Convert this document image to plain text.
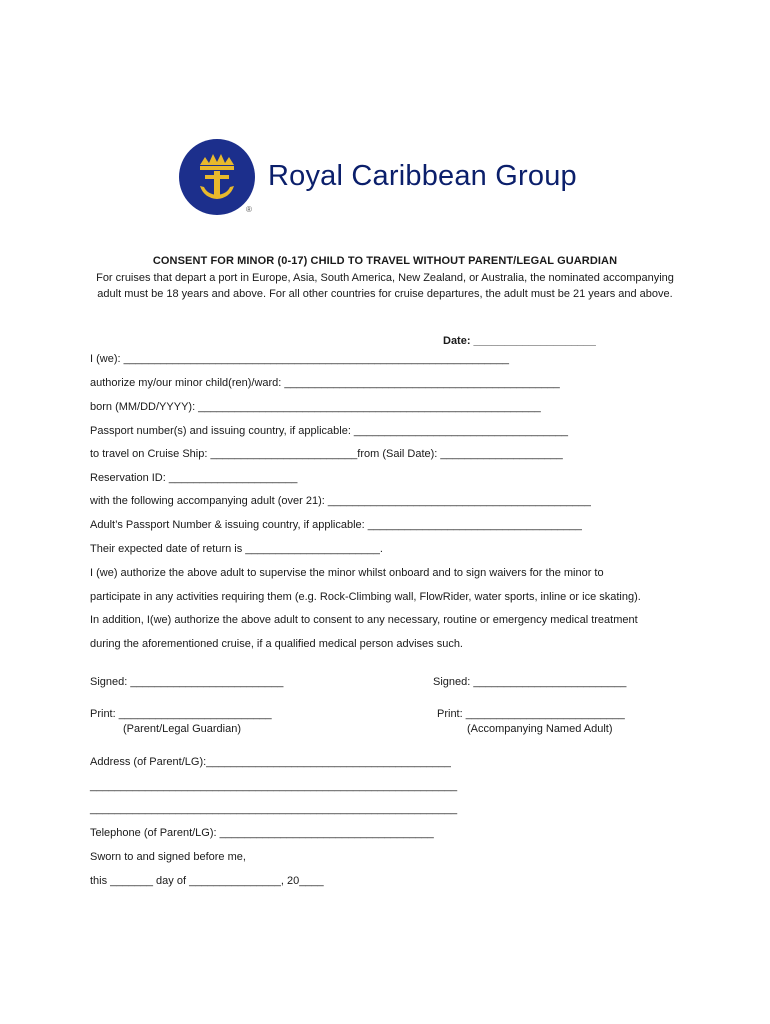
Royal Caribbean Group
®
CONSENT FOR MINOR (0-17) CHILD TO TRAVEL WITHOUT PARENT/LEGAL GUARDIAN
For cruises that depart a port in Europe, Asia, South America, New Zealand, or Australia, the nominated accompanying adult must be 18 years and above. For all other countries for cruise departures, the adult must be 21 years and above.
Date: ____________________
I (we): _______________________________________________________________
authorize my/our minor child(ren)/ward: _____________________________________________
born (MM/DD/YYYY): ________________________________________________________
Passport number(s) and issuing country, if applicable: ___________________________________
to travel on Cruise Ship: ________________________from (Sail Date): ____________________
Reservation ID: _____________________
with the following accompanying adult (over 21): ___________________________________________
Adult’s Passport Number & issuing country, if applicable: ___________________________________
Their expected date of return is ______________________.
I (we) authorize the above adult to supervise the minor whilst onboard and to sign waivers for the minor to
participate in any activities requiring them (e.g. Rock-Climbing wall, FlowRider, water sports, inline or ice skating).
In addition, I(we) authorize the above adult to consent to any necessary, routine or emergency medical treatment
during the aforementioned cruise, if a qualified medical person advises such.
Signed: _________________________	Signed: _________________________
Print: _________________________	Print: __________________________
(Parent/Legal Guardian)	(Accompanying Named Adult)
Address (of Parent/LG):________________________________________
____________________________________________________________
____________________________________________________________
Telephone (of Parent/LG): ___________________________________
Sworn to and signed before me,
this _______ day of _______________, 20____
